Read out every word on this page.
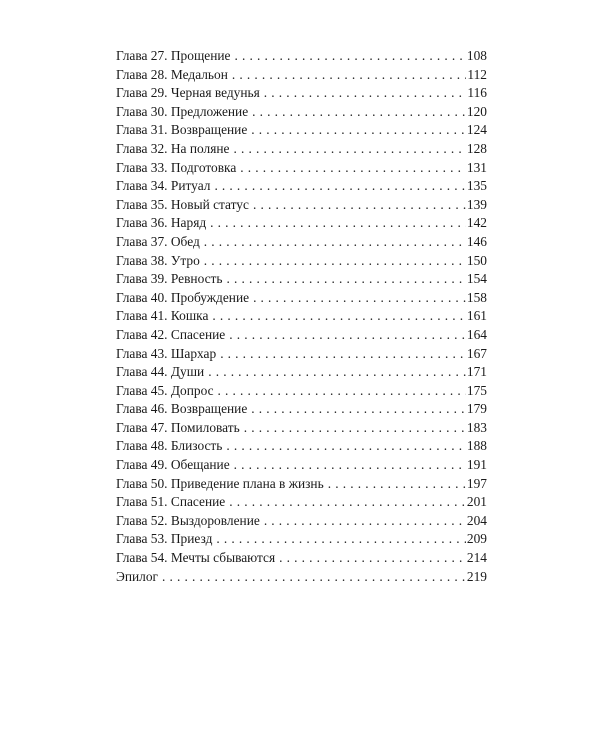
Глава 27. Прощение . . .	108
Глава 28. Медальон . . .	112
Глава 29. Черная ведунья . . .	116
Глава 30. Предложение . . .	120
Глава 31. Возвращение . . .	124
Глава 32. На поляне . . .	128
Глава 33. Подготовка . . .	131
Глава 34. Ритуал . . .	135
Глава 35. Новый статус . . .	139
Глава 36. Наряд . . .	142
Глава 37. Обед . . .	146
Глава 38. Утро . . .	150
Глава 39. Ревность . . .	154
Глава 40. Пробуждение . . .	158
Глава 41. Кошка . . .	161
Глава 42. Спасение . . .	164
Глава 43. Шархар . . .	167
Глава 44. Души . . .	171
Глава 45. Допрос . . .	175
Глава 46. Возвращение . . .	179
Глава 47. Помиловать . . .	183
Глава 48. Близость . . .	188
Глава 49. Обещание . . .	191
Глава 50. Приведение плана в жизнь . . .	197
Глава 51. Спасение . . .	201
Глава 52. Выздоровление . . .	204
Глава 53. Приезд . . .	209
Глава 54. Мечты сбываются . . .	214
Эпилог . . .	219
